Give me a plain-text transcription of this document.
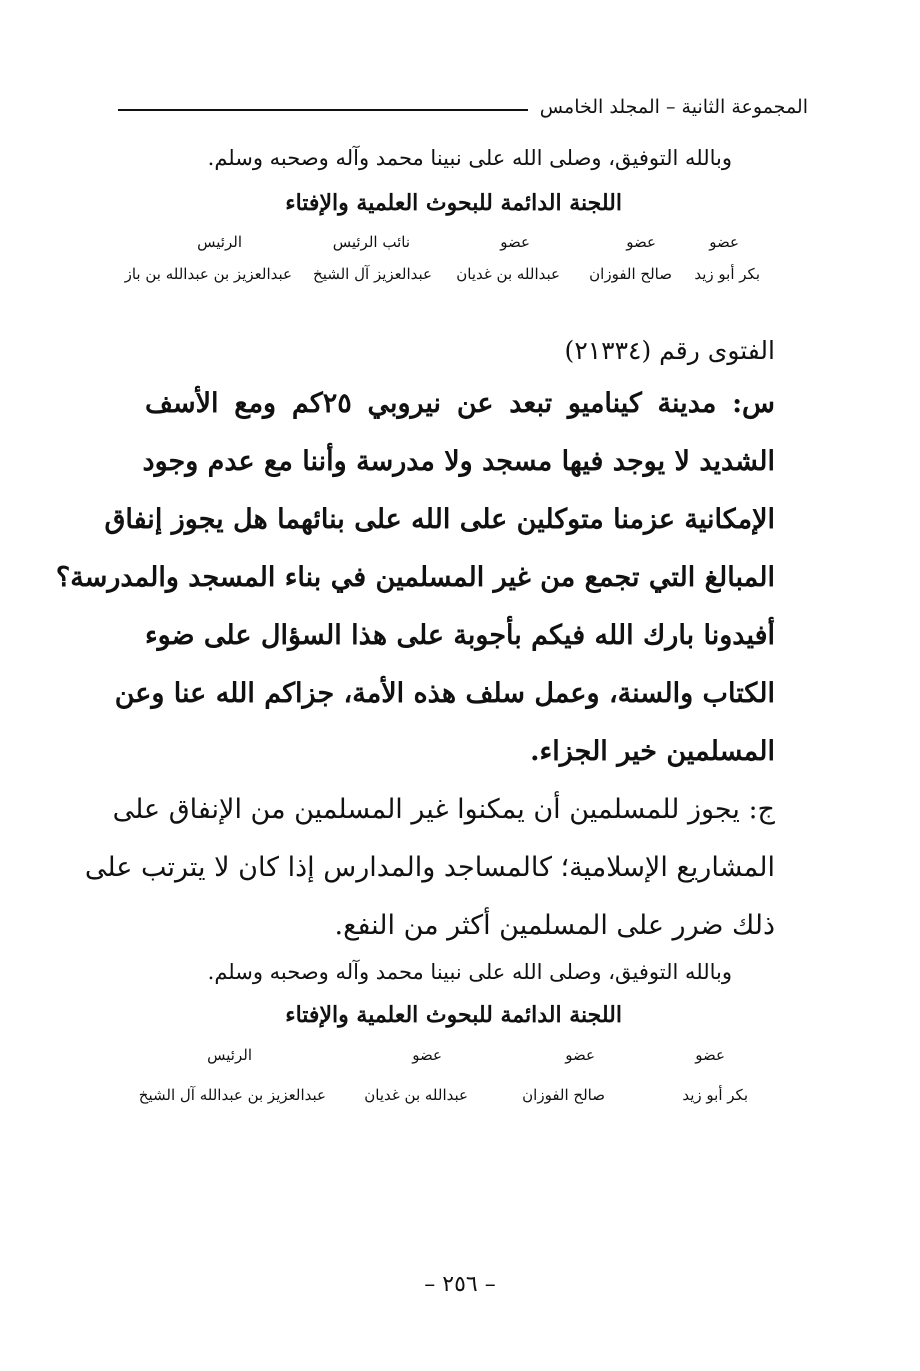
المجموعة الثانية – المجلد الخامس
وبالله التوفيق، وصلى الله على نبينا محمد وآله وصحبه وسلم.
اللجنة الدائمة للبحوث العلمية والإفتاء
عضو
عضو
عضو
نائب الرئيس
الرئيس
بكر أبو زيد
صالح الفوزان
عبدالله بن غديان
عبدالعزيز آل الشيخ
عبدالعزيز بن عبدالله بن باز
الفتوى رقم (٢١٣٣٤)
س: مدينة كيناميو تبعد عن نيروبي ٢٥كم ومع الأسف
الشديد لا يوجد فيها مسجد ولا مدرسة وأننا مع عدم وجود
الإمكانية عزمنا متوكلين على الله على بنائهما هل يجوز إنفاق
المبالغ التي تجمع من غير المسلمين في بناء المسجد والمدرسة؟
أفيدونا بارك الله فيكم بأجوبة على هذا السؤال على ضوء
الكتاب والسنة، وعمل سلف هذه الأمة، جزاكم الله عنا وعن
المسلمين خير الجزاء.
ج: يجوز للمسلمين أن يمكنوا غير المسلمين من الإنفاق على
المشاريع الإسلامية؛ كالمساجد والمدارس إذا كان لا يترتب على
ذلك ضرر على المسلمين أكثر من النفع.
وبالله التوفيق، وصلى الله على نبينا محمد وآله وصحبه وسلم.
اللجنة الدائمة للبحوث العلمية والإفتاء
عضو
عضو
عضو
الرئيس
بكر أبو زيد
صالح الفوزان
عبدالله بن غديان
عبدالعزيز بن عبدالله آل الشيخ
– ٢٥٦ –
